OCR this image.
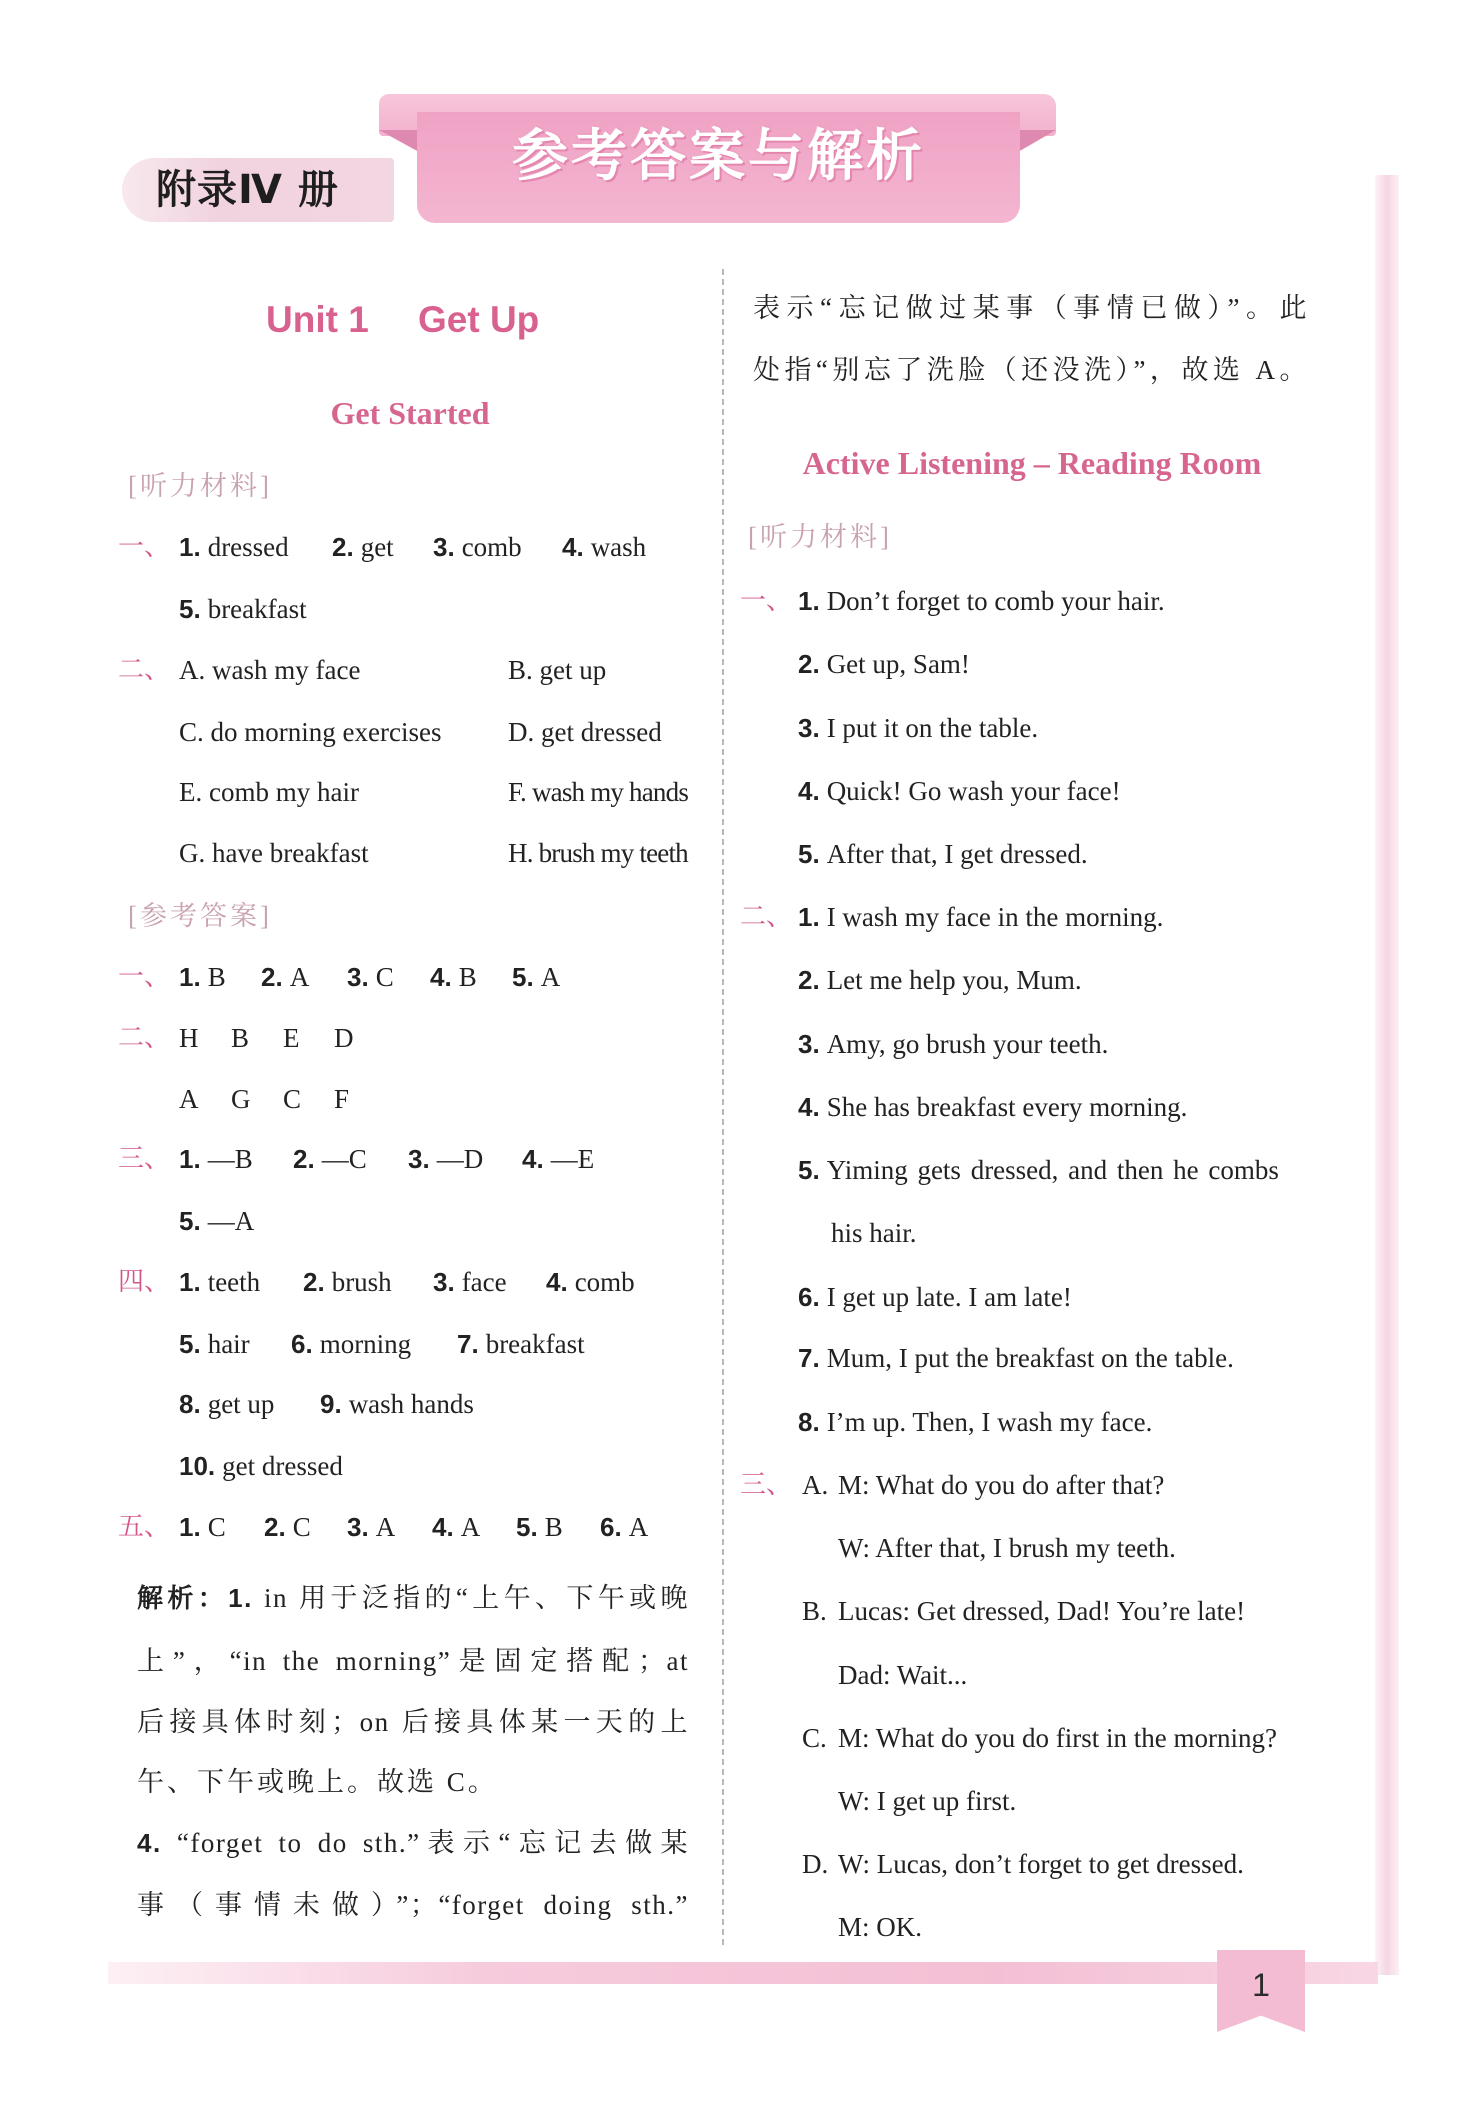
附录Ⅳ 册
参考答案与解析
1
Unit 1 Get Up
Get Started
[听力材料]
一、 1. dressed 2. get 3. comb 4. wash
5. breakfast
二、 A. wash my face	B. get up
C. do morning exercises D. get dressed
E. comb my hair	F. wash my hands
G. have breakfast	H. brush my teeth
[参考答案]
一、 1. B 2. A 3. C 4. B 5. A
二、 H B E D
A G C F
三、 1. —B 2. —C 3. —D 4. —E
5. —A
四、 1. teeth 2. brush 3. face 4. comb
5. hair 6. morning 7. breakfast
8. get up 9. wash hands
10. get dressed
五、 1. C 2. C 3. A 4. A 5. B 6. A
解析：1. in 用于泛指的“上午、下午或晚
上”，“in the morning”是固定搭配；at
后接具体时刻；on 后接具体某一天的上
午、下午或晚上。故选 C。
4. “forget to do sth.”表示“忘记去做某
事（事情未做）”；“forget doing sth.”
表示“忘记做过某事（事情已做）”。此
处指“别忘了洗脸（还没洗）”，故选 A。
Active Listening – Reading Room
[听力材料]
一、 1. Don’t forget to comb your hair.
2. Get up, Sam!
3. I put it on the table.
4. Quick! Go wash your face!
5. After that, I get dressed.
二、 1. I wash my face in the morning.
2. Let me help you, Mum.
3. Amy, go brush your teeth.
4. She has breakfast every morning.
5. Yiming gets dressed, and then he combs
his hair.
6. I get up late. I am late!
7. Mum, I put the breakfast on the table.
8. I’m up. Then, I wash my face.
三、 A. M: What do you do after that?
W: After that, I brush my teeth.
B. Lucas: Get dressed, Dad! You’re late!
Dad: Wait...
C. M: What do you do first in the morning?
W: I get up first.
D. W: Lucas, don’t forget to get dressed.
M: OK.
